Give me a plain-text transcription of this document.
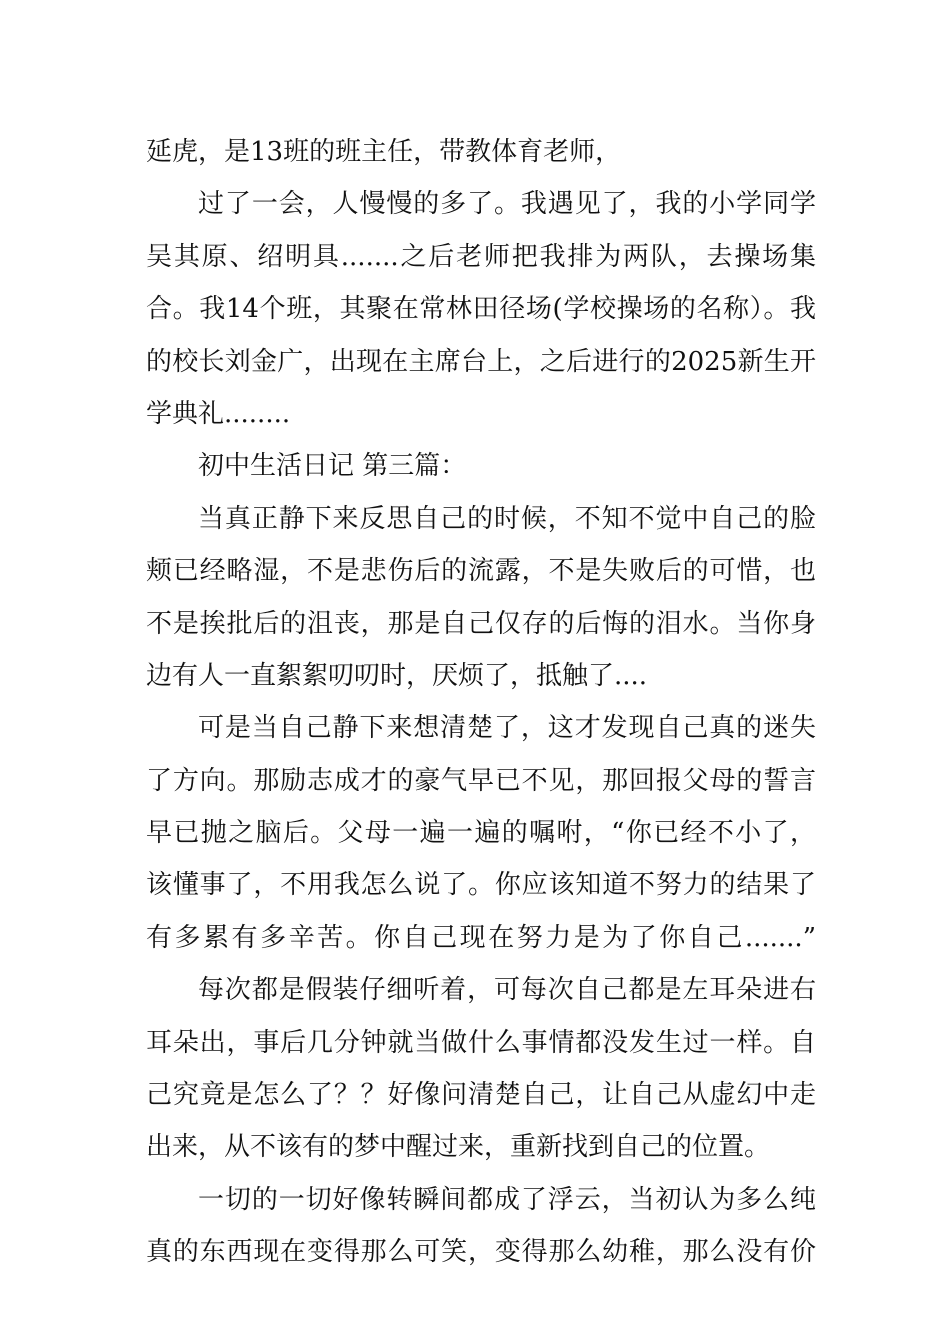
延虎，是13班的班主任，带教体育老师，
过了一会，人慢慢的多了。我遇见了，我的小学同学
吴其原、绍明具.......之后老师把我排为两队，去操场集
合。我14个班，其聚在常林田径场(学校操场的名称）。我
的校长刘金广，出现在主席台上，之后进行的2025新生开
学典礼........
初中生活日记 第三篇：
当真正静下来反思自己的时候，不知不觉中自己的脸
颊已经略湿，不是悲伤后的流露，不是失败后的可惜，也
不是挨批后的沮丧，那是自己仅存的后悔的泪水。当你身
边有人一直絮絮叨叨时，厌烦了，抵触了....
可是当自己静下来想清楚了，这才发现自己真的迷失
了方向。那励志成才的豪气早已不见，那回报父母的誓言
早已抛之脑后。父母一遍一遍的嘱咐，“你已经不小了，
该懂事了，不用我怎么说了。你应该知道不努力的结果了
有多累有多辛苦。你自己现在努力是为了你自己.......”
每次都是假装仔细听着，可每次自己都是左耳朵进右
耳朵出，事后几分钟就当做什么事情都没发生过一样。自
己究竟是怎么了？？好像问清楚自己，让自己从虚幻中走
出来，从不该有的梦中醒过来，重新找到自己的位置。
一切的一切好像转瞬间都成了浮云，当初认为多么纯
真的东西现在变得那么可笑，变得那么幼稚，那么没有价
